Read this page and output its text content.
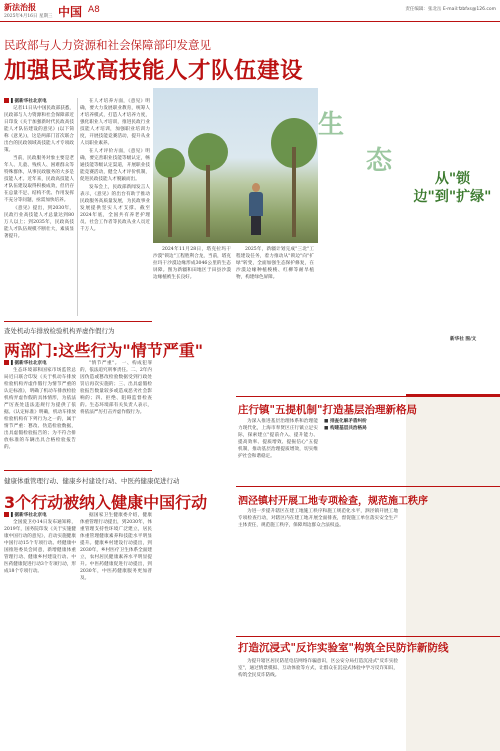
新法治报
2025年4月16日 星期三 中国 A8	责任编辑：张北岳 E-mail:fzbfxs@126.com
民政部与人力资源和社会保障部印发意见
加强民政高技能人才队伍建设
▌据新华社北京电

记者11日从中国民政部获悉，民政部与人力资源和社会保障部近日印发《关于加强新时代民政高技能人才队伍建设的意见》(以下简称《意见》)，这是两部门首次联合出台的民政领域高技能人才专项政策。

当前，民政服务对象主要是老年人、儿童、残疾人、困难群众等特殊群体，从事民政服务的大多是技能人才。近年来，民政高技能人才队伍建设取得积极成效，但仍存在总量不足、结构不优、作用发挥不充分等问题，亟需加快培养。

《意见》提出，到2030年，民政行业高技能人才总量达到80万人以上；到2035年，民政高技能人才队伍规模不断壮大，素质显著提升。

在人才培养方面，《意见》明确，要大力发展职业教育，统筹人才培养模式，打造人才培养力度，强化职业人才培训，推进民政行业技能人才培训，加强职业培训力度，开展技能竞赛活动，提升从业人员职业素养。

在人才评价方面，《意见》明确，要完善职业技能等级认定，畅通技能等级认定渠道，开展职业技能竞赛活动，健全人才评价机制，促进民政技能人才脱颖而出。

发布会上，民政部新闻发言人表示，《意见》的出台有助于推动民政服务高质量发展，为民政事业发展提供坚实人才支撑。截至2024年底，全国共有养老护理员、社会工作者等民政从业人员近千万人。

生
态
从"锁边"到"扩绿"

2024年11月28日，塔克拉玛干沙漠"锁边"工程胜利合龙，当前，塔克拉玛干沙漠边缘形成3046公里的生态屏障。图为新疆和田地区于田县沙漠边缘植被生长良好。

2025年，新疆计划完成"三北"工程建设任务，着力推动从"锁边"向"扩绿"转变，全面加强生态保护修复，在沙漠边缘种植梭梭、红柳等耐旱植物，构建绿色屏障。

新华社 图/文
查处机动车排放检验机构弄虚作假行为
两部门:这些行为"情节严重"
▌据新华社北京电

生态环境部和国家市场监管总局近日联合印发《关于机动车排放检验机构弄虚作假行为情节严重的认定标准》，明确了机动车排放检验机构弄虚作假的具体情形，为依法严厉查处违法违规行为提供了依据。《认定标准》明确，机动车排放检验机构有下列行为之一的，属于情节严重：篡改、伪造检验数据，出具虚假检验报告的；为不符合排放标准的车辆出具合格检验报告的。

"情节严重"。 一、构成犯罪的，依法追究刑事责任。二、2年内因伪造或篡改检验数据受到行政处罚后再次实施的；三、出具虚假检验报告数量较多或造成恶劣社会影响的；四、拒绝、阻碍监督检查的。生态环境部有关负责人表示，将依法严厉打击弄虚作假行为。

健康体重管理行动、健康乡村建设行动、中医药健康促进行动
3个行动被纳入健康中国行动
▌据新华社北京电

全国爱卫办14日发布通知称，2019年，国务院印发《关于实施健康中国行动的意见》，启动实施健康中国行动15个专项行动。经健康中国推进委员会同意，新增健康体重管理行动、健康乡村建设行动、中医药健康促进行动3个专项行动，形成18个专项行动。

据国家卫生健康委介绍，健康体重管理行动提出，到2030年，体重管理支持性环境广泛建立，居民体重管理健康素养和技能水平明显提升。健康乡村建设行动提出，到2030年，乡村医疗卫生体系全面建立，农村居民健康素养水平明显提升。中医药健康促进行动提出，到2030年，中医药健康服务更加普及。

庄行镇"五提机制"打造基层治理新格局

为深入推进基层治理体系和治理能力现代化，上海市奉贤区庄行镇立足实际，探索建立"提前介入、提升能力、提高效率、提质增效、提振信心"五提机制，推动基层治理提质增效，切实维护社会和谐稳定。

■ 排查化解矛盾纠纷
■ 构建基层共治格局
泗泾镇村开展工地专项检查，规范施工秩序

为进一步提升辖区在建工地施工秩序和施工规范化水平，泗泾镇开展工地专项检查行动，对辖区内在建工地开展全面排查，督促施工单位落实安全生产主体责任，规范施工秩序，保障周边群众合法权益。

打造沉浸式"反诈实验室"构筑全民防诈新防线

为提升辖区居民防范电信网络诈骗意识，区公安分局打造沉浸式"反诈实验室"，通过情景模拟、互动体验等方式，让群众在沉浸式体验中学习反诈知识，构筑全民反诈防线。
